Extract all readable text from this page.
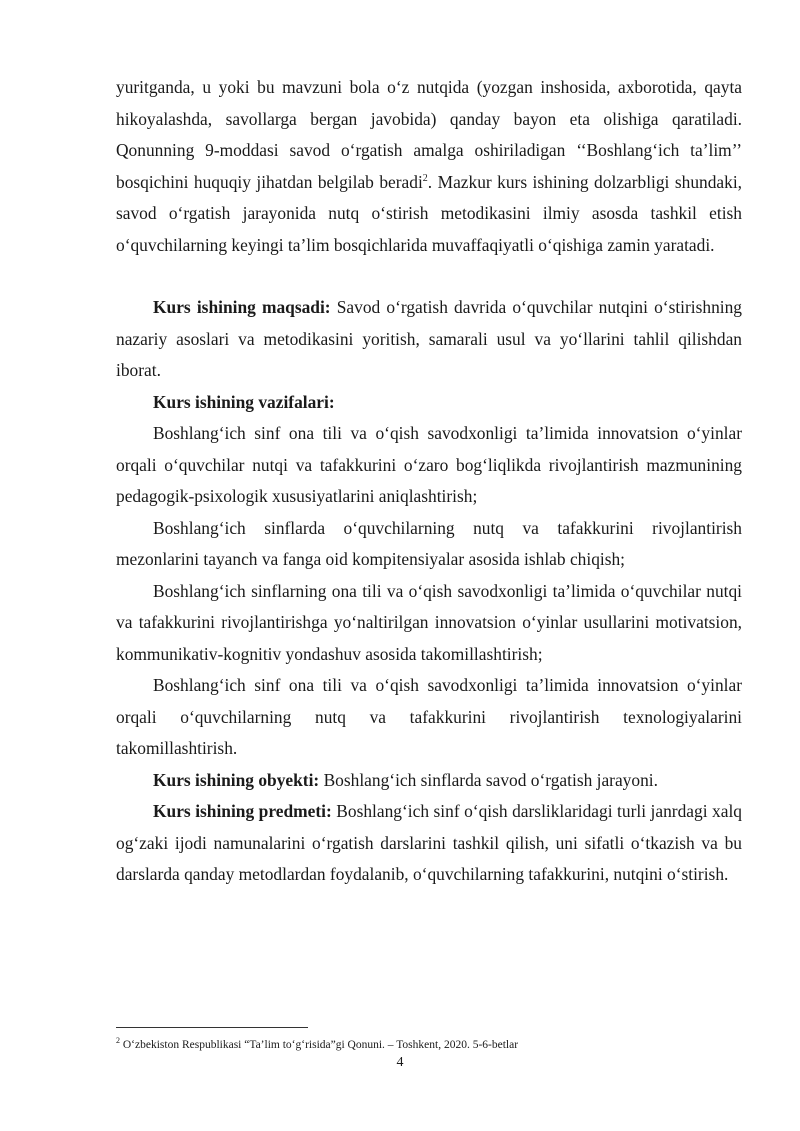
yuritganda, u yoki bu mavzuni bola o‘z nutqida (yozgan inshosida, axborotida, qayta hikoyalashda, savollarga bergan javobida) qanday bayon eta olishiga qaratiladi. Qonunning 9-moddasi savod o‘rgatish amalga oshiriladigan ‘‘Boshlang‘ich ta’lim’’ bosqichini huquqiy jihatdan belgilab beradi$^2$. Mazkur kurs ishining dolzarbligi shundaki, savod o‘rgatish jarayonida nutq o‘stirish metodikasini ilmiy asosda tashkil etish o‘quvchilarning keyingi ta’lim bosqichlarida muvaffaqiyatli o‘qishiga zamin yaratadi.

Kurs ishining maqsadi: Savod o‘rgatish davrida o‘quvchilar nutqini o‘stirishning nazariy asoslari va metodikasini yoritish, samarali usul va yo‘llarini tahlil qilishdan iborat.

Kurs ishining vazifalari:

Boshlang‘ich sinf ona tili va o‘qish savodxonligi ta’limida innovatsion o‘yinlar orqali o‘quvchilar nutqi va tafakkurini o‘zaro bog‘liqlikda rivojlantirish mazmunining pedagogik-psixologik xususiyatlarini aniqlashtirish;

Boshlang‘ich sinflarda o‘quvchilarning nutq va tafakkurini rivojlantirish mezonlarini tayanch va fanga oid kompitensiyalar asosida ishlab chiqish;

Boshlang‘ich sinflarning ona tili va o‘qish savodxonligi ta’limida o‘quvchilar nutqi va tafakkurini rivojlantirishga yo‘naltirilgan innovatsion o‘yinlar usullarini motivatsion, kommunikativ-kognitiv yondashuv asosida takomillashtirish;

Boshlang‘ich sinf ona tili va o‘qish savodxonligi ta’limida innovatsion o‘yinlar orqali o‘quvchilarning nutq va tafakkurini rivojlantirish texnologiyalarini takomillashtirish.

Kurs ishining obyekti: Boshlang‘ich sinflarda savod o‘rgatish jarayoni.

Kurs ishining predmeti: Boshlang‘ich sinf o‘qish darsliklaridagi turli janrdagi xalq og‘zaki ijodi namunalarini o‘rgatish darslarini tashkil qilish, uni sifatli o‘tkazish va bu darslarda qanday metodlardan foydalanib, o‘quvchilarning tafakkurini, nutqini o‘stirish.

$^2$ O‘zbekiston Respublikasi “Ta’lim to‘g‘risida”gi Qonuni. – Toshkent, 2020. 5-6-betlar
4
